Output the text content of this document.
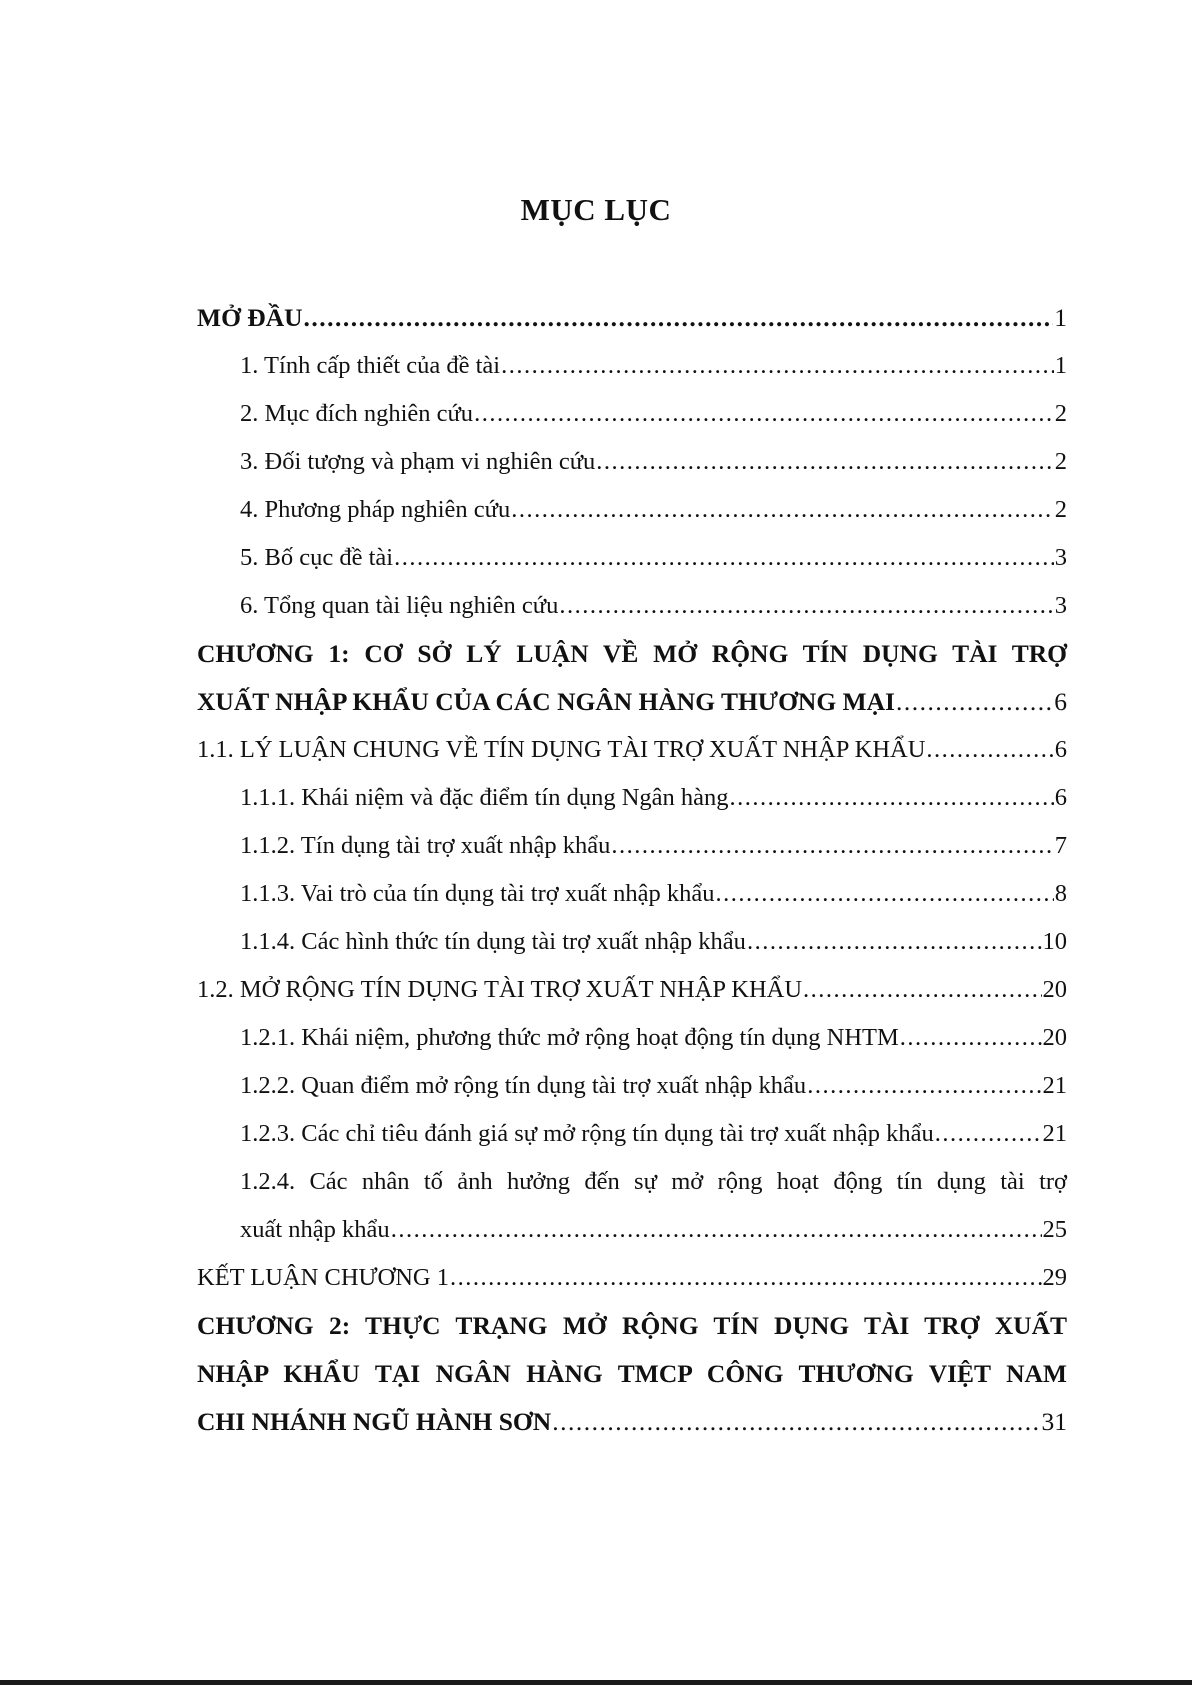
MỤC LỤC
MỞ ĐẦU .....	1
1. Tính cấp thiết của đề tài .....	1
2. Mục đích nghiên cứu .....	2
3. Đối tượng và phạm vi nghiên cứu .....	2
4. Phương pháp nghiên cứu .....	2
5. Bố cục đề tài .....	3
6. Tổng quan tài liệu nghiên cứu .....	3
CHƯƠNG 1: CƠ SỞ LÝ LUẬN VỀ MỞ RỘNG TÍN DỤNG TÀI TRỢ
XUẤT NHẬP KHẨU CỦA CÁC NGÂN HÀNG THƯƠNG MẠI .....	6
1.1. LÝ LUẬN CHUNG VỀ TÍN DỤNG TÀI TRỢ XUẤT NHẬP KHẨU .....	6
1.1.1. Khái niệm và đặc điểm tín dụng Ngân hàng .....	6
1.1.2. Tín dụng tài trợ xuất nhập khẩu .....	7
1.1.3. Vai trò của tín dụng tài trợ xuất nhập khẩu .....	8
1.1.4. Các hình thức tín dụng tài trợ xuất nhập khẩu .....	10
1.2. MỞ RỘNG TÍN DỤNG TÀI TRỢ XUẤT NHẬP KHẨU .....	20
1.2.1. Khái niệm, phương thức mở rộng hoạt động tín dụng NHTM .....	20
1.2.2. Quan điểm mở rộng tín dụng tài trợ xuất nhập khẩu .....	21
1.2.3. Các chỉ tiêu đánh giá sự mở rộng tín dụng tài trợ xuất nhập khẩu .....	21
1.2.4. Các nhân tố ảnh hưởng đến sự mở rộng hoạt động tín dụng tài trợ
xuất nhập khẩu .....	25
KẾT LUẬN CHƯƠNG 1 .....	29
CHƯƠNG 2: THỰC TRẠNG MỞ RỘNG TÍN DỤNG TÀI TRỢ XUẤT
NHẬP KHẨU TẠI NGÂN HÀNG TMCP CÔNG THƯƠNG VIỆT NAM
CHI NHÁNH NGŨ HÀNH SƠN .....	31
